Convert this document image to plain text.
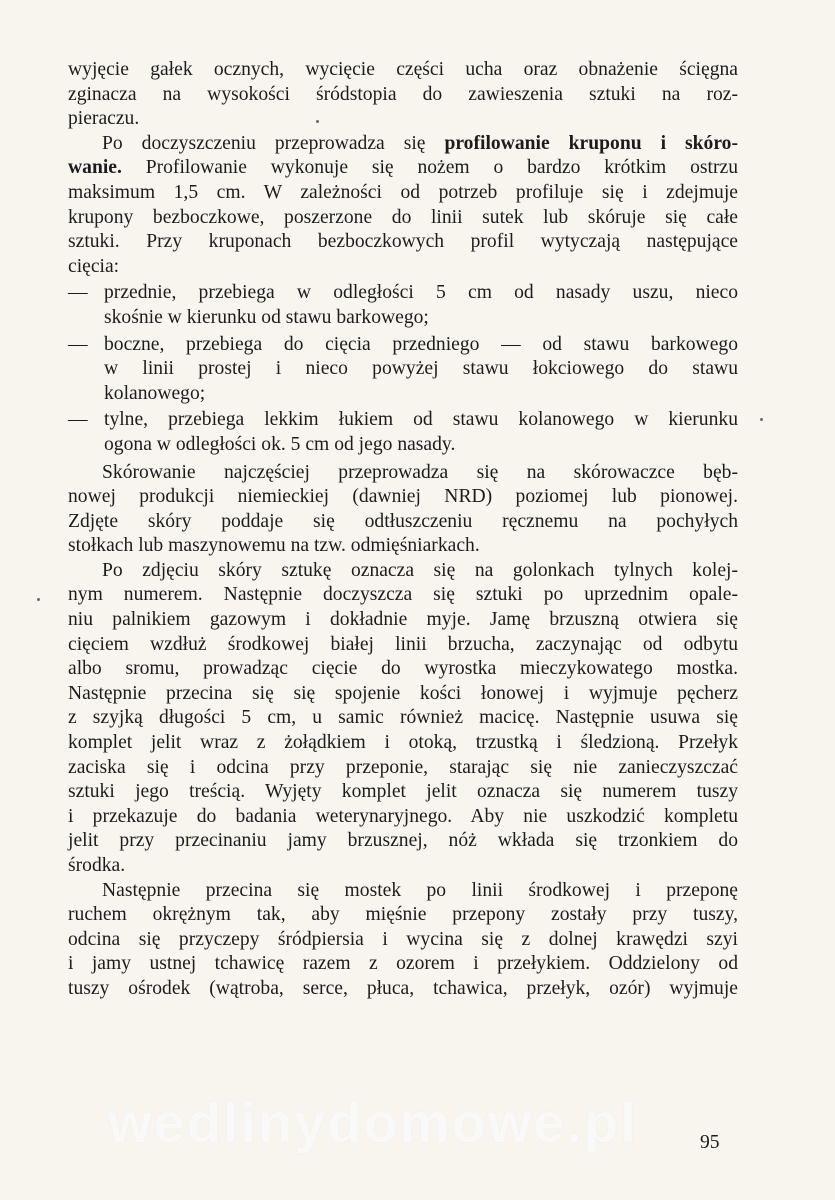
wyjęcie gałek ocznych, wycięcie części ucha oraz obnażenie ścięgna
zginacza na wysokości śródstopia do zawieszenia sztuki na roz-
pieraczu.
Po doczyszczeniu przeprowadza się profilowanie kruponu i skóro-
wanie. Profilowanie wykonuje się nożem o bardzo krótkim ostrzu
maksimum 1,5 cm. W zależności od potrzeb profiluje się i zdejmuje
krupony bezboczkowe, poszerzone do linii sutek lub skóruje się całe
sztuki. Przy kruponach bezboczkowych profil wytyczają następujące
cięcia:
— przednie, przebiega w odległości 5 cm od nasady uszu, nieco
skośnie w kierunku od stawu barkowego;
— boczne, przebiega do cięcia przedniego — od stawu barkowego
w linii prostej i nieco powyżej stawu łokciowego do stawu
kolanowego;
— tylne, przebiega lekkim łukiem od stawu kolanowego w kierunku
ogona w odległości ok. 5 cm od jego nasady.
Skórowanie najczęściej przeprowadza się na skórowaczce bęb-
nowej produkcji niemieckiej (dawniej NRD) poziomej lub pionowej.
Zdjęte skóry poddaje się odtłuszczeniu ręcznemu na pochyłych
stołkach lub maszynowemu na tzw. odmięśniarkach.
Po zdjęciu skóry sztukę oznacza się na golonkach tylnych kolej-
nym numerem. Następnie doczyszcza się sztuki po uprzednim opale-
niu palnikiem gazowym i dokładnie myje. Jamę brzuszną otwiera się
cięciem wzdłuż środkowej białej linii brzucha, zaczynając od odbytu
albo sromu, prowadząc cięcie do wyrostka mieczykowatego mostka.
Następnie przecina się się spojenie kości łonowej i wyjmuje pęcherz
z szyjką długości 5 cm, u samic również macicę. Następnie usuwa się
komplet jelit wraz z żołądkiem i otoką, trzustką i śledzioną. Przełyk
zaciska się i odcina przy przeponie, starając się nie zanieczyszczać
sztuki jego treścią. Wyjęty komplet jelit oznacza się numerem tuszy
i przekazuje do badania weterynaryjnego. Aby nie uszkodzić kompletu
jelit przy przecinaniu jamy brzusznej, nóż wkłada się trzonkiem do
środka.
Następnie przecina się mostek po linii środkowej i przeponę
ruchem okrężnym tak, aby mięśnie przepony zostały przy tuszy,
odcina się przyczepy śródpiersia i wycina się z dolnej krawędzi szyi
i jamy ustnej tchawicę razem z ozorem i przełykiem. Oddzielony od
tuszy ośrodek (wątroba, serce, płuca, tchawica, przełyk, ozór) wyjmuje
wedlinydomowe.pl	95
